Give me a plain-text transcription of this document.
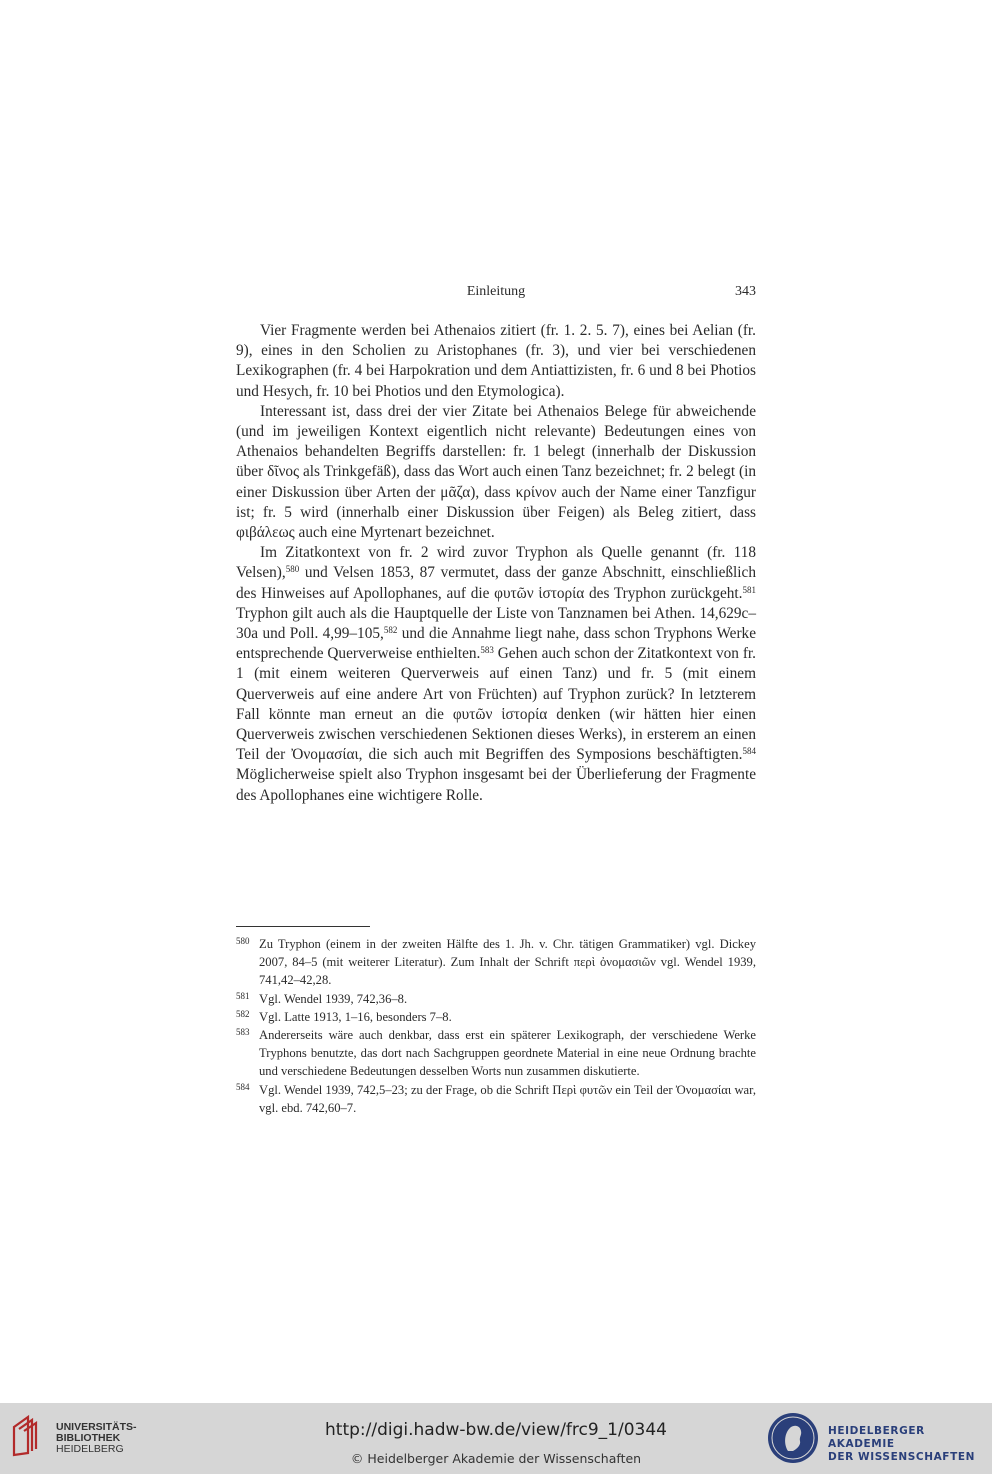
Einleitung	343

Vier Fragmente werden bei Athenaios zitiert (fr. 1. 2. 5. 7), eines bei Aelian (fr. 9), eines in den Scholien zu Aristophanes (fr. 3), und vier bei verschiedenen Lexikographen (fr. 4 bei Harpokration und dem Antiattizisten, fr. 6 und 8 bei Photios und Hesych, fr. 10 bei Photios und den Etymologica).

Interessant ist, dass drei der vier Zitate bei Athenaios Belege für abweichende (und im jeweiligen Kontext eigentlich nicht relevante) Bedeutungen eines von Athenaios behandelten Begriffs darstellen: fr. 1 belegt (innerhalb der Diskussion über δῖνος als Trinkgefäß), dass das Wort auch einen Tanz bezeichnet; fr. 2 belegt (in einer Diskussion über Arten der μᾶζα), dass κρίνον auch der Name einer Tanzfigur ist; fr. 5 wird (innerhalb einer Diskussion über Feigen) als Beleg zitiert, dass φιβάλεως auch eine Myrtenart bezeichnet.

Im Zitatkontext von fr. 2 wird zuvor Tryphon als Quelle genannt (fr. 118 Velsen),$^{580}$ und Velsen 1853, 87 vermutet, dass der ganze Abschnitt, einschließlich des Hinweises auf Apollophanes, auf die φυτῶν ἱστορία des Tryphon zurückgeht.$^{581}$ Tryphon gilt auch als die Hauptquelle der Liste von Tanznamen bei Athen. 14,629c–30a und Poll. 4,99–105,$^{582}$ und die Annahme liegt nahe, dass schon Tryphons Werke entsprechende Querverweise enthielten.$^{583}$ Gehen auch schon der Zitatkontext von fr. 1 (mit einem weiteren Querverweis auf einen Tanz) und fr. 5 (mit einem Querverweis auf eine andere Art von Früchten) auf Tryphon zurück? In letzterem Fall könnte man erneut an die φυτῶν ἱστορία denken (wir hätten hier einen Querverweis zwischen verschiedenen Sektionen dieses Werks), in ersterem an einen Teil der Ὀνομασίαι, die sich auch mit Begriffen des Symposions beschäftigten.$^{584}$ Möglicherweise spielt also Tryphon insgesamt bei der Überlieferung der Fragmente des Apollophanes eine wichtigere Rolle.

580 Zu Tryphon (einem in der zweiten Hälfte des 1. Jh. v. Chr. tätigen Grammatiker) vgl. Dickey 2007, 84–5 (mit weiterer Literatur). Zum Inhalt der Schrift περὶ ὀνομασιῶν vgl. Wendel 1939, 741,42–42,28.
581 Vgl. Wendel 1939, 742,36–8.
582 Vgl. Latte 1913, 1–16, besonders 7–8.
583 Andererseits wäre auch denkbar, dass erst ein späterer Lexikograph, der verschiedene Werke Tryphons benutzte, das dort nach Sachgruppen geordnete Material in eine neue Ordnung brachte und verschiedene Bedeutungen desselben Worts nun zusammen diskutierte.
584 Vgl. Wendel 1939, 742,5–23; zu der Frage, ob die Schrift Περὶ φυτῶν ein Teil der Ὀνομασίαι war, vgl. ebd. 742,60–7.
UNIVERSITÄTS-
BIBLIOTHEK
HEIDELBERG
http://digi.hadw-bw.de/view/frc9_1/0344
© Heidelberger Akademie der Wissenschaften
HEIDELBERGER AKADEMIE
DER WISSENSCHAFTEN
